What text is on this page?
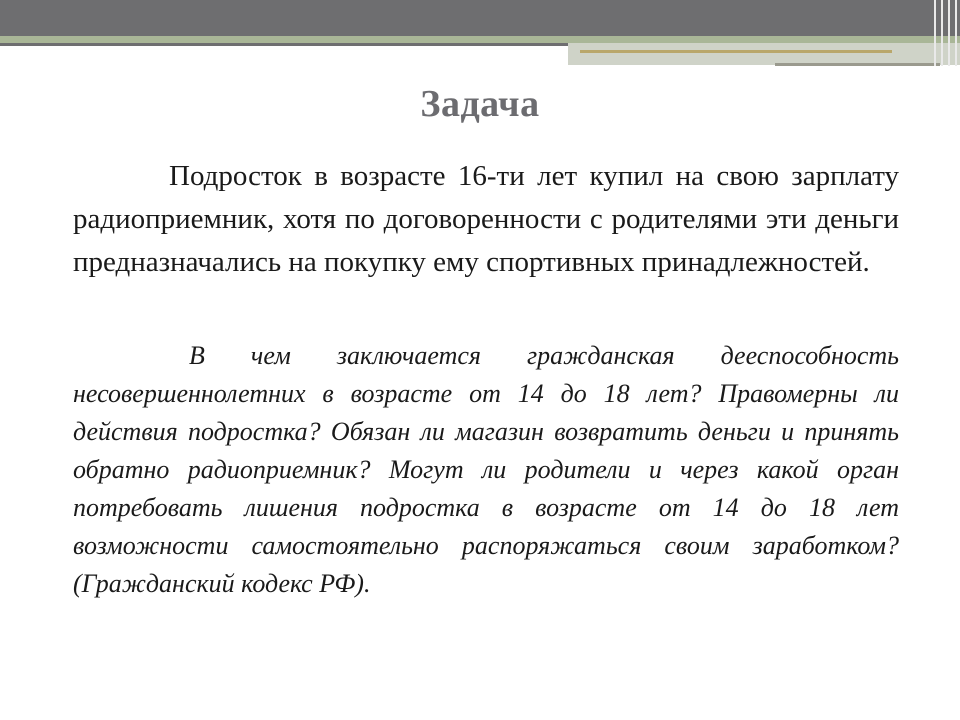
Задача

Подросток в возрасте 16-ти лет купил на свою зарплату радиоприемник, хотя по договоренности с родителями эти деньги предназначались на покупку ему спортивных принадлежностей.

В чем заключается гражданская дееспособность несовершеннолетних в возрасте от 14 до 18 лет? Правомерны ли действия подростка? Обязан ли магазин возвратить деньги и принять обратно радиоприемник? Могут ли родители и через какой орган потребовать лишения подростка в возрасте от 14 до 18 лет возможности самостоятельно распоряжаться своим заработком? (Гражданский кодекс РФ).
